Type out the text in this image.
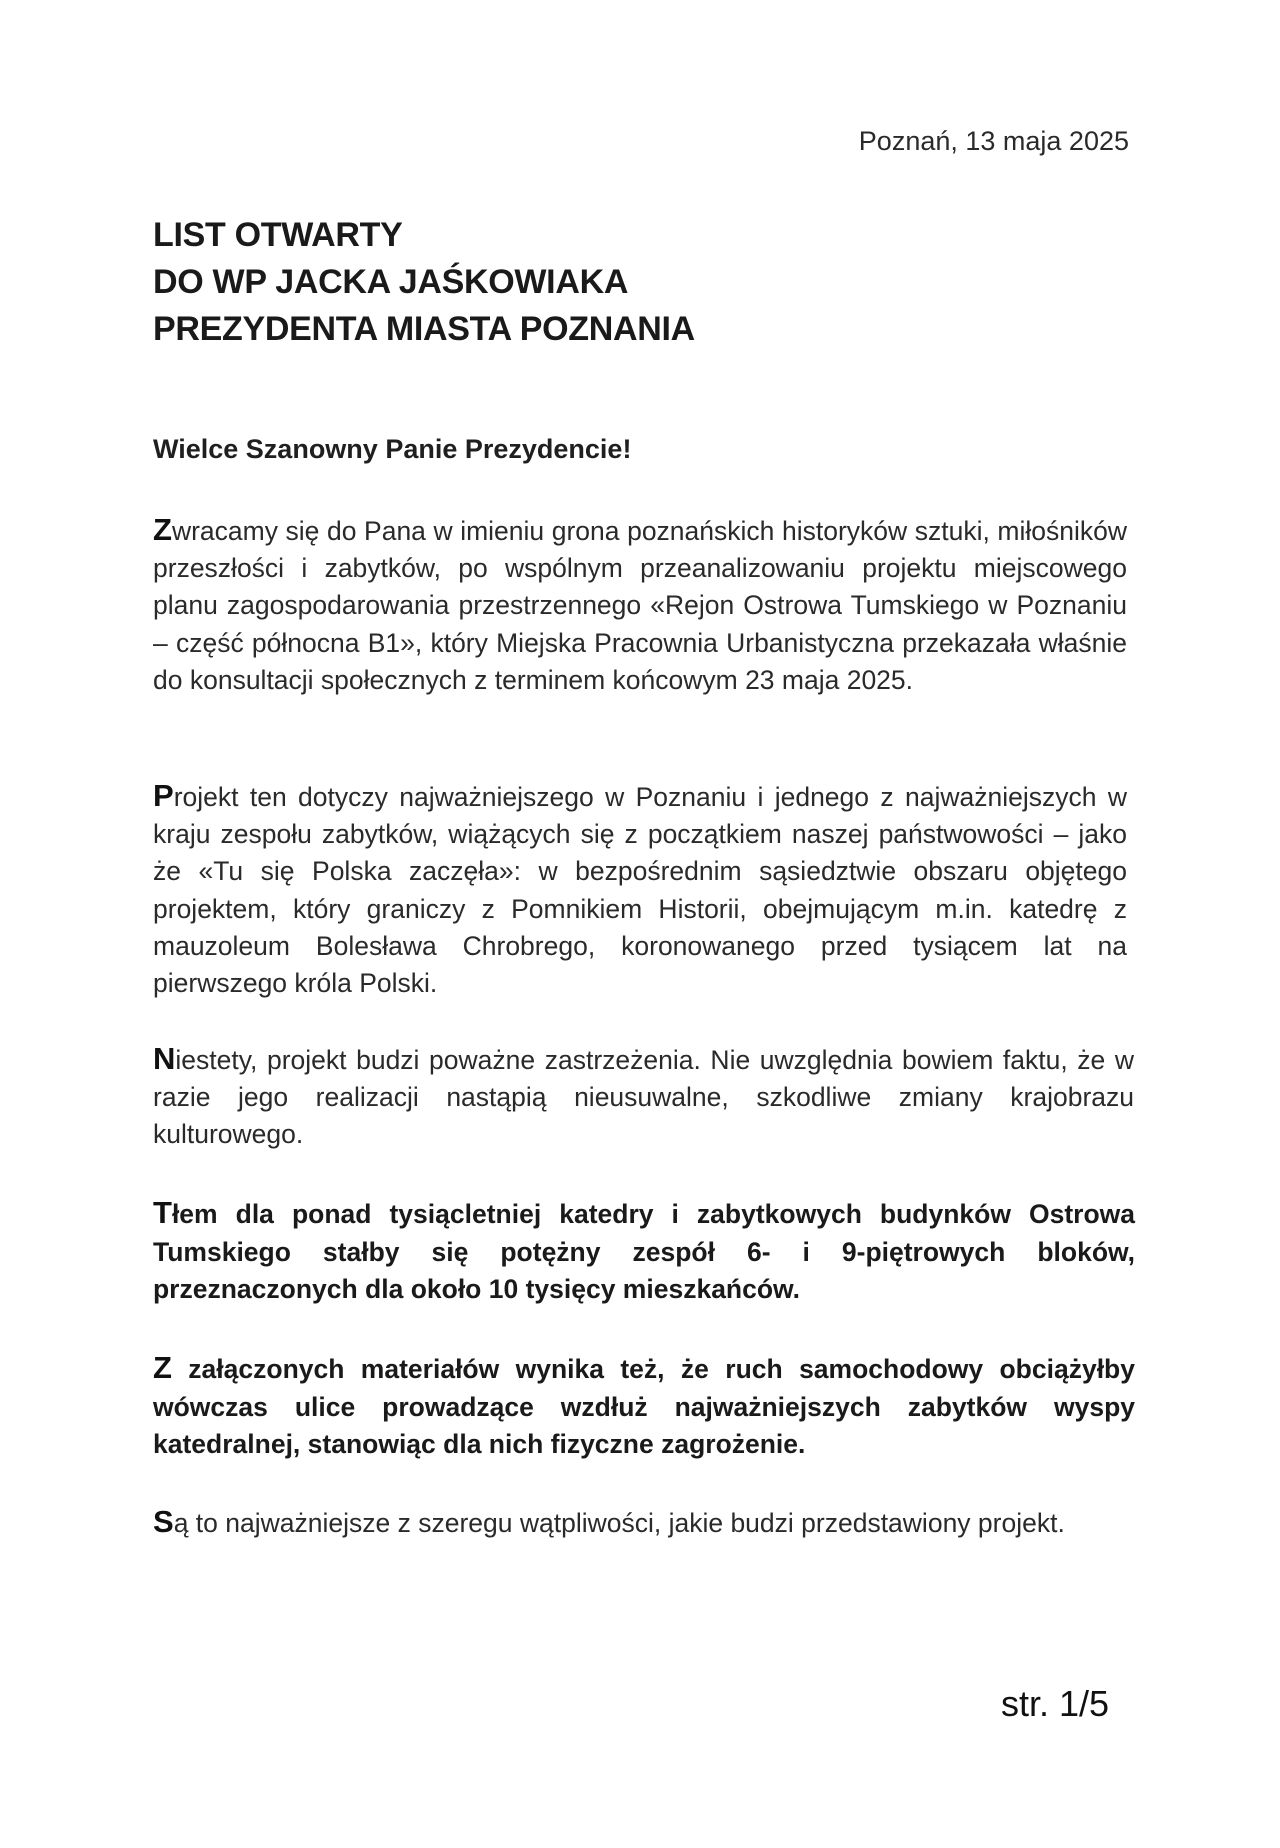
Poznań, 13 maja 2025
LIST OTWARTY
DO WP JACKA JAŚKOWIAKA
PREZYDENTA MIASTA POZNANIA

Wielce Szanowny Panie Prezydencie!

Zwracamy się do Pana w imieniu grona poznańskich historyków sztuki, miłośników przeszłości i zabytków, po wspólnym przeanalizowaniu projektu miejscowego planu zagospodarowania przestrzennego «Rejon Ostrowa Tumskiego w Poznaniu – część północna B1», który Miejska Pracownia Urbanistyczna przekazała właśnie do konsultacji społecznych z terminem końcowym 23 maja 2025.

Projekt ten dotyczy najważniejszego w Poznaniu i jednego z najważniejszych w kraju zespołu zabytków, wiążących się z początkiem naszej państwowości – jako że «Tu się Polska zaczęła»: w bezpośrednim sąsiedztwie obszaru objętego projektem, który graniczy z Pomnikiem Historii, obejmującym m.in. katedrę z mauzoleum Bolesława Chrobrego, koronowanego przed tysiącem lat na pierwszego króla Polski.

Niestety, projekt budzi poważne zastrzeżenia. Nie uwzględnia bowiem faktu, że w razie jego realizacji nastąpią nieusuwalne, szkodliwe zmiany krajobrazu kulturowego.

Tłem dla ponad tysiącletniej katedry i zabytkowych budynków Ostrowa Tumskiego stałby się potężny zespół 6- i 9-piętrowych bloków, przeznaczonych dla około 10 tysięcy mieszkańców.

Z załączonych materiałów wynika też, że ruch samochodowy obciążyłby wówczas ulice prowadzące wzdłuż najważniejszych zabytków wyspy katedralnej, stanowiąc dla nich fizyczne zagrożenie.

Są to najważniejsze z szeregu wątpliwości, jakie budzi przedstawiony projekt.

str. 1/5
